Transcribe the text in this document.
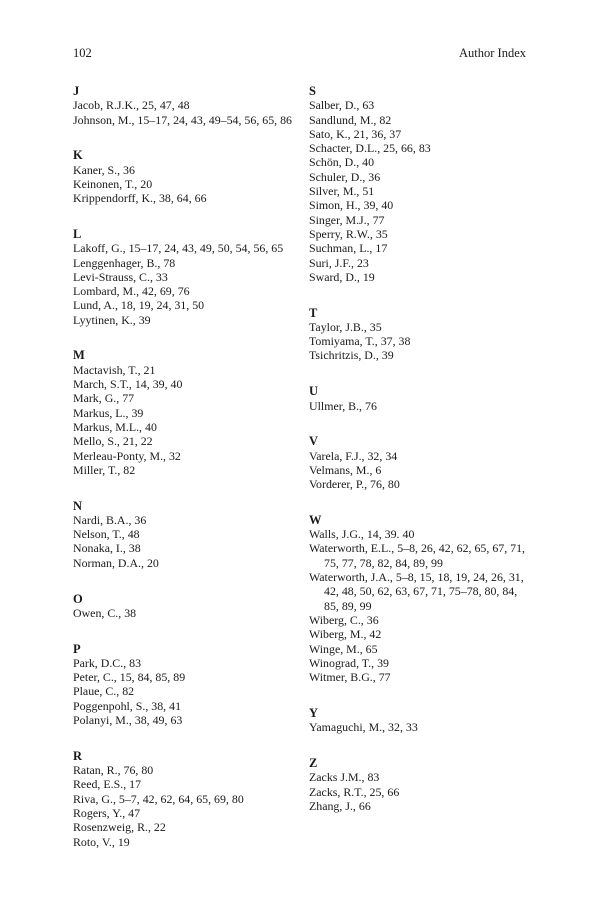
102	Author Index
J
Jacob, R.J.K., 25, 47, 48
Johnson, M., 15–17, 24, 43, 49–54, 56, 65, 86
K
Kaner, S., 36
Keinonen, T., 20
Krippendorff, K., 38, 64, 66
L
Lakoff, G., 15–17, 24, 43, 49, 50, 54, 56, 65
Lenggenhager, B., 78
Levi-Strauss, C., 33
Lombard, M., 42, 69, 76
Lund, A., 18, 19, 24, 31, 50
Lyytinen, K., 39
M
Mactavish, T., 21
March, S.T., 14, 39, 40
Mark, G., 77
Markus, L., 39
Markus, M.L., 40
Mello, S., 21, 22
Merleau-Ponty, M., 32
Miller, T., 82
N
Nardi, B.A., 36
Nelson, T., 48
Nonaka, I., 38
Norman, D.A., 20
O
Owen, C., 38
P
Park, D.C., 83
Peter, C., 15, 84, 85, 89
Plaue, C., 82
Poggenpohl, S., 38, 41
Polanyi, M., 38, 49, 63
R
Ratan, R., 76, 80
Reed, E.S., 17
Riva, G., 5–7, 42, 62, 64, 65, 69, 80
Rogers, Y., 47
Rosenzweig, R., 22
Roto, V., 19
S
Salber, D., 63
Sandlund, M., 82
Sato, K., 21, 36, 37
Schacter, D.L., 25, 66, 83
Schön, D., 40
Schuler, D., 36
Silver, M., 51
Simon, H., 39, 40
Singer, M.J., 77
Sperry, R.W., 35
Suchman, L., 17
Suri, J.F., 23
Sward, D., 19
T
Taylor, J.B., 35
Tomiyama, T., 37, 38
Tsichritzis, D., 39
U
Ullmer, B., 76
V
Varela, F.J., 32, 34
Velmans, M., 6
Vorderer, P., 76, 80
W
Walls, J.G., 14, 39. 40
Waterworth, E.L., 5–8, 26, 42, 62, 65, 67, 71, 75, 77, 78, 82, 84, 89, 99
Waterworth, J.A., 5–8, 15, 18, 19, 24, 26, 31, 42, 48, 50, 62, 63, 67, 71, 75–78, 80, 84, 85, 89, 99
Wiberg, C., 36
Wiberg, M., 42
Winge, M., 65
Winograd, T., 39
Witmer, B.G., 77
Y
Yamaguchi, M., 32, 33
Z
Zacks J.M., 83
Zacks, R.T., 25, 66
Zhang, J., 66
